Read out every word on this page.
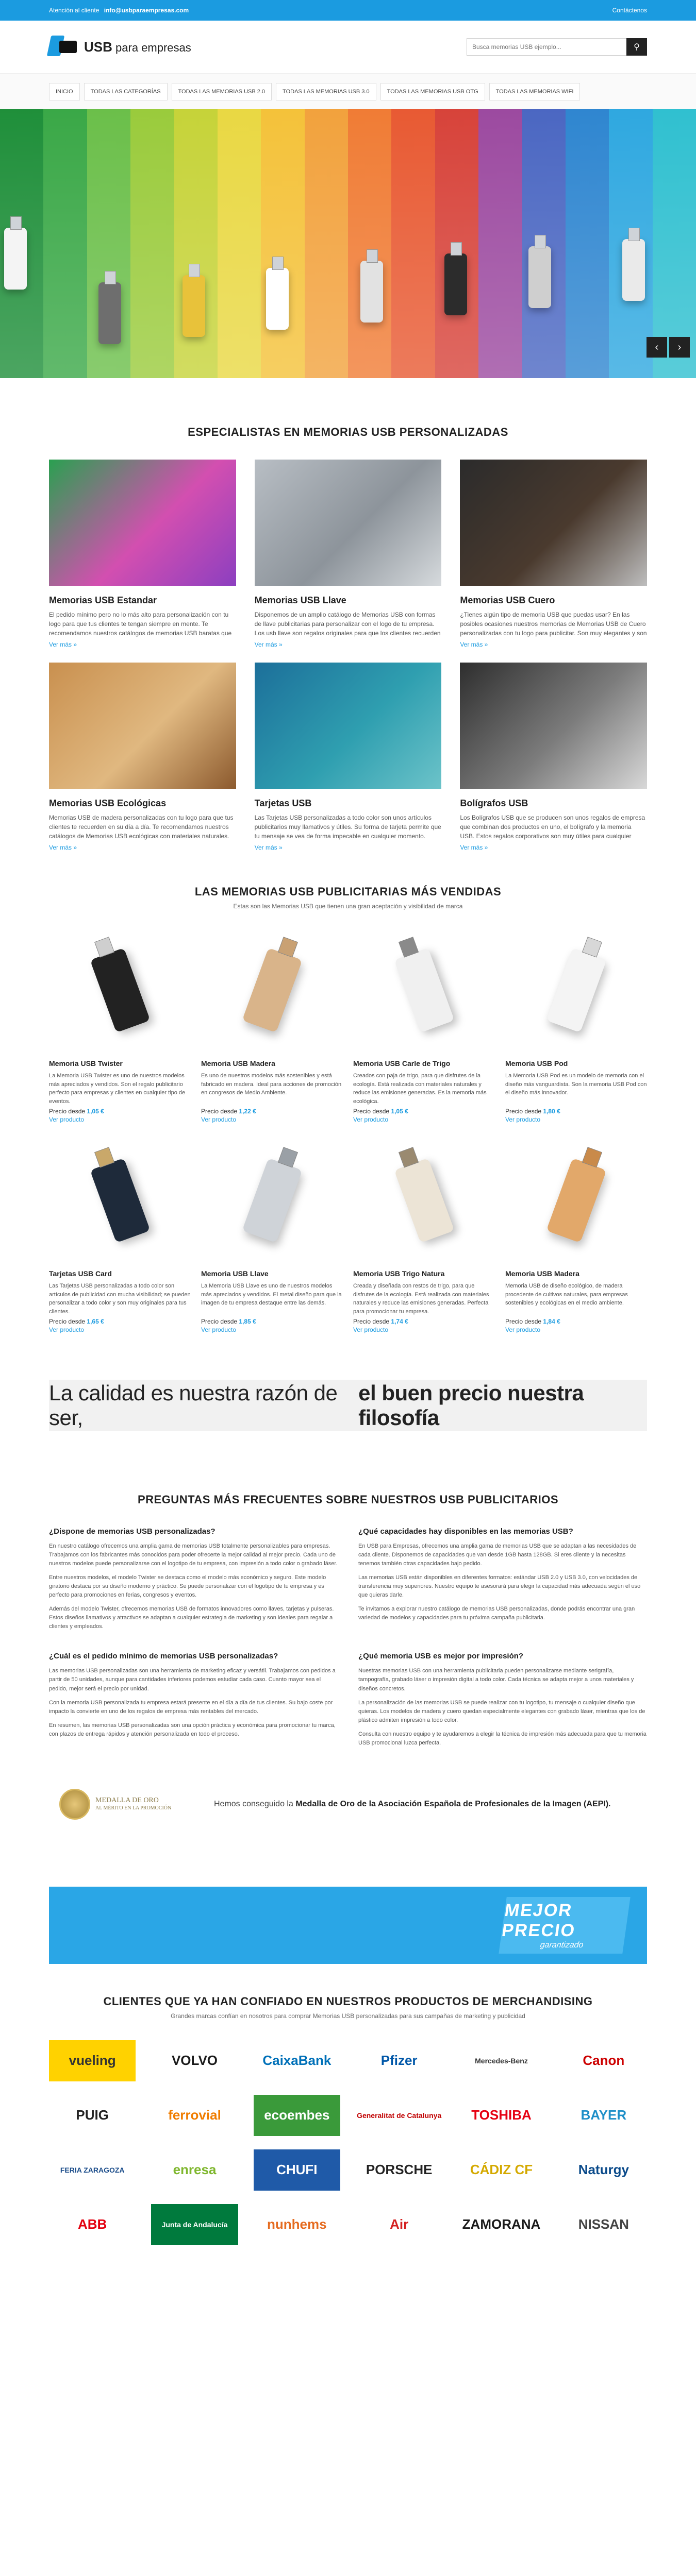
Atención al cliente info@usbparaempresas.com	Contáctenos
USB para empresas
Busca memorias USB ejemplo...	⚲
INICIO	TODAS LAS CATEGORÍAS	TODAS LAS MEMORIAS USB 2.0	TODAS LAS MEMORIAS USB 3.0	TODAS LAS MEMORIAS USB OTG	TODAS LAS MEMORIAS WIFI
‹	›
ESPECIALISTAS EN MEMORIAS USB PERSONALIZADAS
Memorias USB Estandar

El pedido mínimo pero no lo más alto para personalización con tu logo para que tus clientes te tengan siempre en mente. Te recomendamos nuestros catálogos de memorias USB baratas que

Ver más »
Memorias USB Llave

Disponemos de un amplio catálogo de Memorias USB con formas de llave publicitarias para personalizar con el logo de tu empresa. Los usb llave son regalos originales para que los clientes recuerden

Ver más »
Memorias USB Cuero

¿Tienes algún tipo de memoria USB que puedas usar? En las posibles ocasiones nuestros memorias de Memorias USB de Cuero personalizadas con tu logo para publicitar. Son muy elegantes y son

Ver más »
Memorias USB Ecológicas

Memorias USB de madera personalizadas con tu logo para que tus clientes te recuerden en su día a día. Te recomendamos nuestros catálogos de Memorias USB ecológicas con materiales naturales.

Ver más »
Tarjetas USB

Las Tarjetas USB personalizadas a todo color son unos artículos publicitarios muy llamativos y útiles. Su forma de tarjeta permite que tu mensaje se vea de forma impecable en cualquier momento.

Ver más »
Bolígrafos USB

Los Bolígrafos USB que se producen son unos regalos de empresa que combinan dos productos en uno, el bolígrafo y la memoria USB. Estos regalos corporativos son muy útiles para cualquier

Ver más »
LAS MEMORIAS USB PUBLICITARIAS MÁS VENDIDAS
Estas son las Memorias USB que tienen una gran aceptación y visibilidad de marca
Memoria USB Twister

La Memoria USB Twister es uno de nuestros modelos más apreciados y vendidos. Son el regalo publicitario perfecto para empresas y clientes en cualquier tipo de eventos.

Precio desde 1,05 €
Ver producto
Memoria USB Madera

Es uno de nuestros modelos más sostenibles y está fabricado en madera. Ideal para acciones de promoción en congresos de Medio Ambiente.

Precio desde 1,22 €
Ver producto
Memoria USB Carle de Trigo

Creados con paja de trigo, para que disfrutes de la ecología. Está realizada con materiales naturales y reduce las emisiones generadas. Es la memoria más ecológica.

Precio desde 1,05 €
Ver producto
Memoria USB Pod

La Memoria USB Pod es un modelo de memoria con el diseño más vanguardista. Son la memoria USB Pod con el diseño más innovador.

Precio desde 1,80 €
Ver producto
Tarjetas USB Card

Las Tarjetas USB personalizadas a todo color son artículos de publicidad con mucha visibilidad; se pueden personalizar a todo color y son muy originales para tus clientes.

Precio desde 1,65 €
Ver producto
Memoria USB Llave

La Memoria USB Llave es uno de nuestros modelos más apreciados y vendidos. El metal diseño para que la imagen de tu empresa destaque entre las demás.

Precio desde 1,85 €
Ver producto
Memoria USB Trigo Natura

Creada y diseñada con restos de trigo, para que disfrutes de la ecología. Está realizada con materiales naturales y reduce las emisiones generadas. Perfecta para promocionar tu empresa.

Precio desde 1,74 €
Ver producto
Memoria USB Madera

Memoria USB de diseño ecológico, de madera procedente de cultivos naturales, para empresas sostenibles y ecológicas en el medio ambiente.

Precio desde 1,84 €
Ver producto
La calidad es nuestra razón de ser,

el buen precio nuestra filosofía
PREGUNTAS MÁS FRECUENTES SOBRE NUESTROS USB PUBLICITARIOS
¿Dispone de memorias USB personalizadas?

En nuestro catálogo ofrecemos una amplia gama de memorias USB totalmente personalizables para empresas. Trabajamos con los fabricantes más conocidos para poder ofrecerte la mejor calidad al mejor precio. Cada uno de nuestros modelos puede personalizarse con el logotipo de tu empresa, con impresión a todo color o grabado láser.

Entre nuestros modelos, el modelo Twister se destaca como el modelo más económico y seguro. Este modelo giratorio destaca por su diseño moderno y práctico. Se puede personalizar con el logotipo de tu empresa y es perfecto para promociones en ferias, congresos y eventos.

Además del modelo Twister, ofrecemos memorias USB de formatos innovadores como llaves, tarjetas y pulseras. Estos diseños llamativos y atractivos se adaptan a cualquier estrategia de marketing y son ideales para regalar a clientes y empleados.

¿Qué capacidades hay disponibles en las memorias USB?

En USB para Empresas, ofrecemos una amplia gama de memorias USB que se adaptan a las necesidades de cada cliente. Disponemos de capacidades que van desde 1GB hasta 128GB. Si eres cliente y la necesitas tenemos también otras capacidades bajo pedido.

Las memorias USB están disponibles en diferentes formatos: estándar USB 2.0 y USB 3.0, con velocidades de transferencia muy superiores. Nuestro equipo te asesorará para elegir la capacidad más adecuada según el uso que quieras darle.

Te invitamos a explorar nuestro catálogo de memorias USB personalizadas, donde podrás encontrar una gran variedad de modelos y capacidades para tu próxima campaña publicitaria.

¿Cuál es el pedido mínimo de memorias USB personalizadas?

Las memorias USB personalizadas son una herramienta de marketing eficaz y versátil. Trabajamos con pedidos a partir de 50 unidades, aunque para cantidades inferiores podemos estudiar cada caso. Cuanto mayor sea el pedido, mejor será el precio por unidad.

Con la memoria USB personalizada tu empresa estará presente en el día a día de tus clientes. Su bajo coste por impacto la convierte en uno de los regalos de empresa más rentables del mercado.

En resumen, las memorias USB personalizadas son una opción práctica y económica para promocionar tu marca, con plazos de entrega rápidos y atención personalizada en todo el proceso.

¿Qué memoria USB es mejor por impresión?

Nuestras memorias USB con una herramienta publicitaria pueden personalizarse mediante serigrafía, tampografía, grabado láser o impresión digital a todo color. Cada técnica se adapta mejor a unos materiales y diseños concretos.

La personalización de las memorias USB se puede realizar con tu logotipo, tu mensaje o cualquier diseño que quieras. Los modelos de madera y cuero quedan especialmente elegantes con grabado láser, mientras que los de plástico admiten impresión a todo color.

Consulta con nuestro equipo y te ayudaremos a elegir la técnica de impresión más adecuada para que tu memoria USB promocional luzca perfecta.

MEDALLA DE ORO
AL MÉRITO EN LA PROMOCIÓN	Hemos conseguido la Medalla de Oro de la Asociación Española de Profesionales de la Imagen (AEPI).
MEJOR PRECIO
garantizado
CLIENTES QUE YA HAN CONFIADO EN NUESTROS PRODUCTOS DE MERCHANDISING
Grandes marcas confían en nosotros para comprar Memorias USB personalizadas para sus campañas de marketing y publicidad
vueling	VOLVO	CaixaBank	Pfizer	Mercedes-Benz	Canon
PUIG	ferrovial	ecoembes	Generalitat de Catalunya	TOSHIBA	BAYER
FERIA ZARAGOZA	enresa	CHUFI	PORSCHE	CÁDIZ CF	Naturgy
ABB	Junta de Andalucía	nunhems	Air	ZAMORANA	NISSAN
